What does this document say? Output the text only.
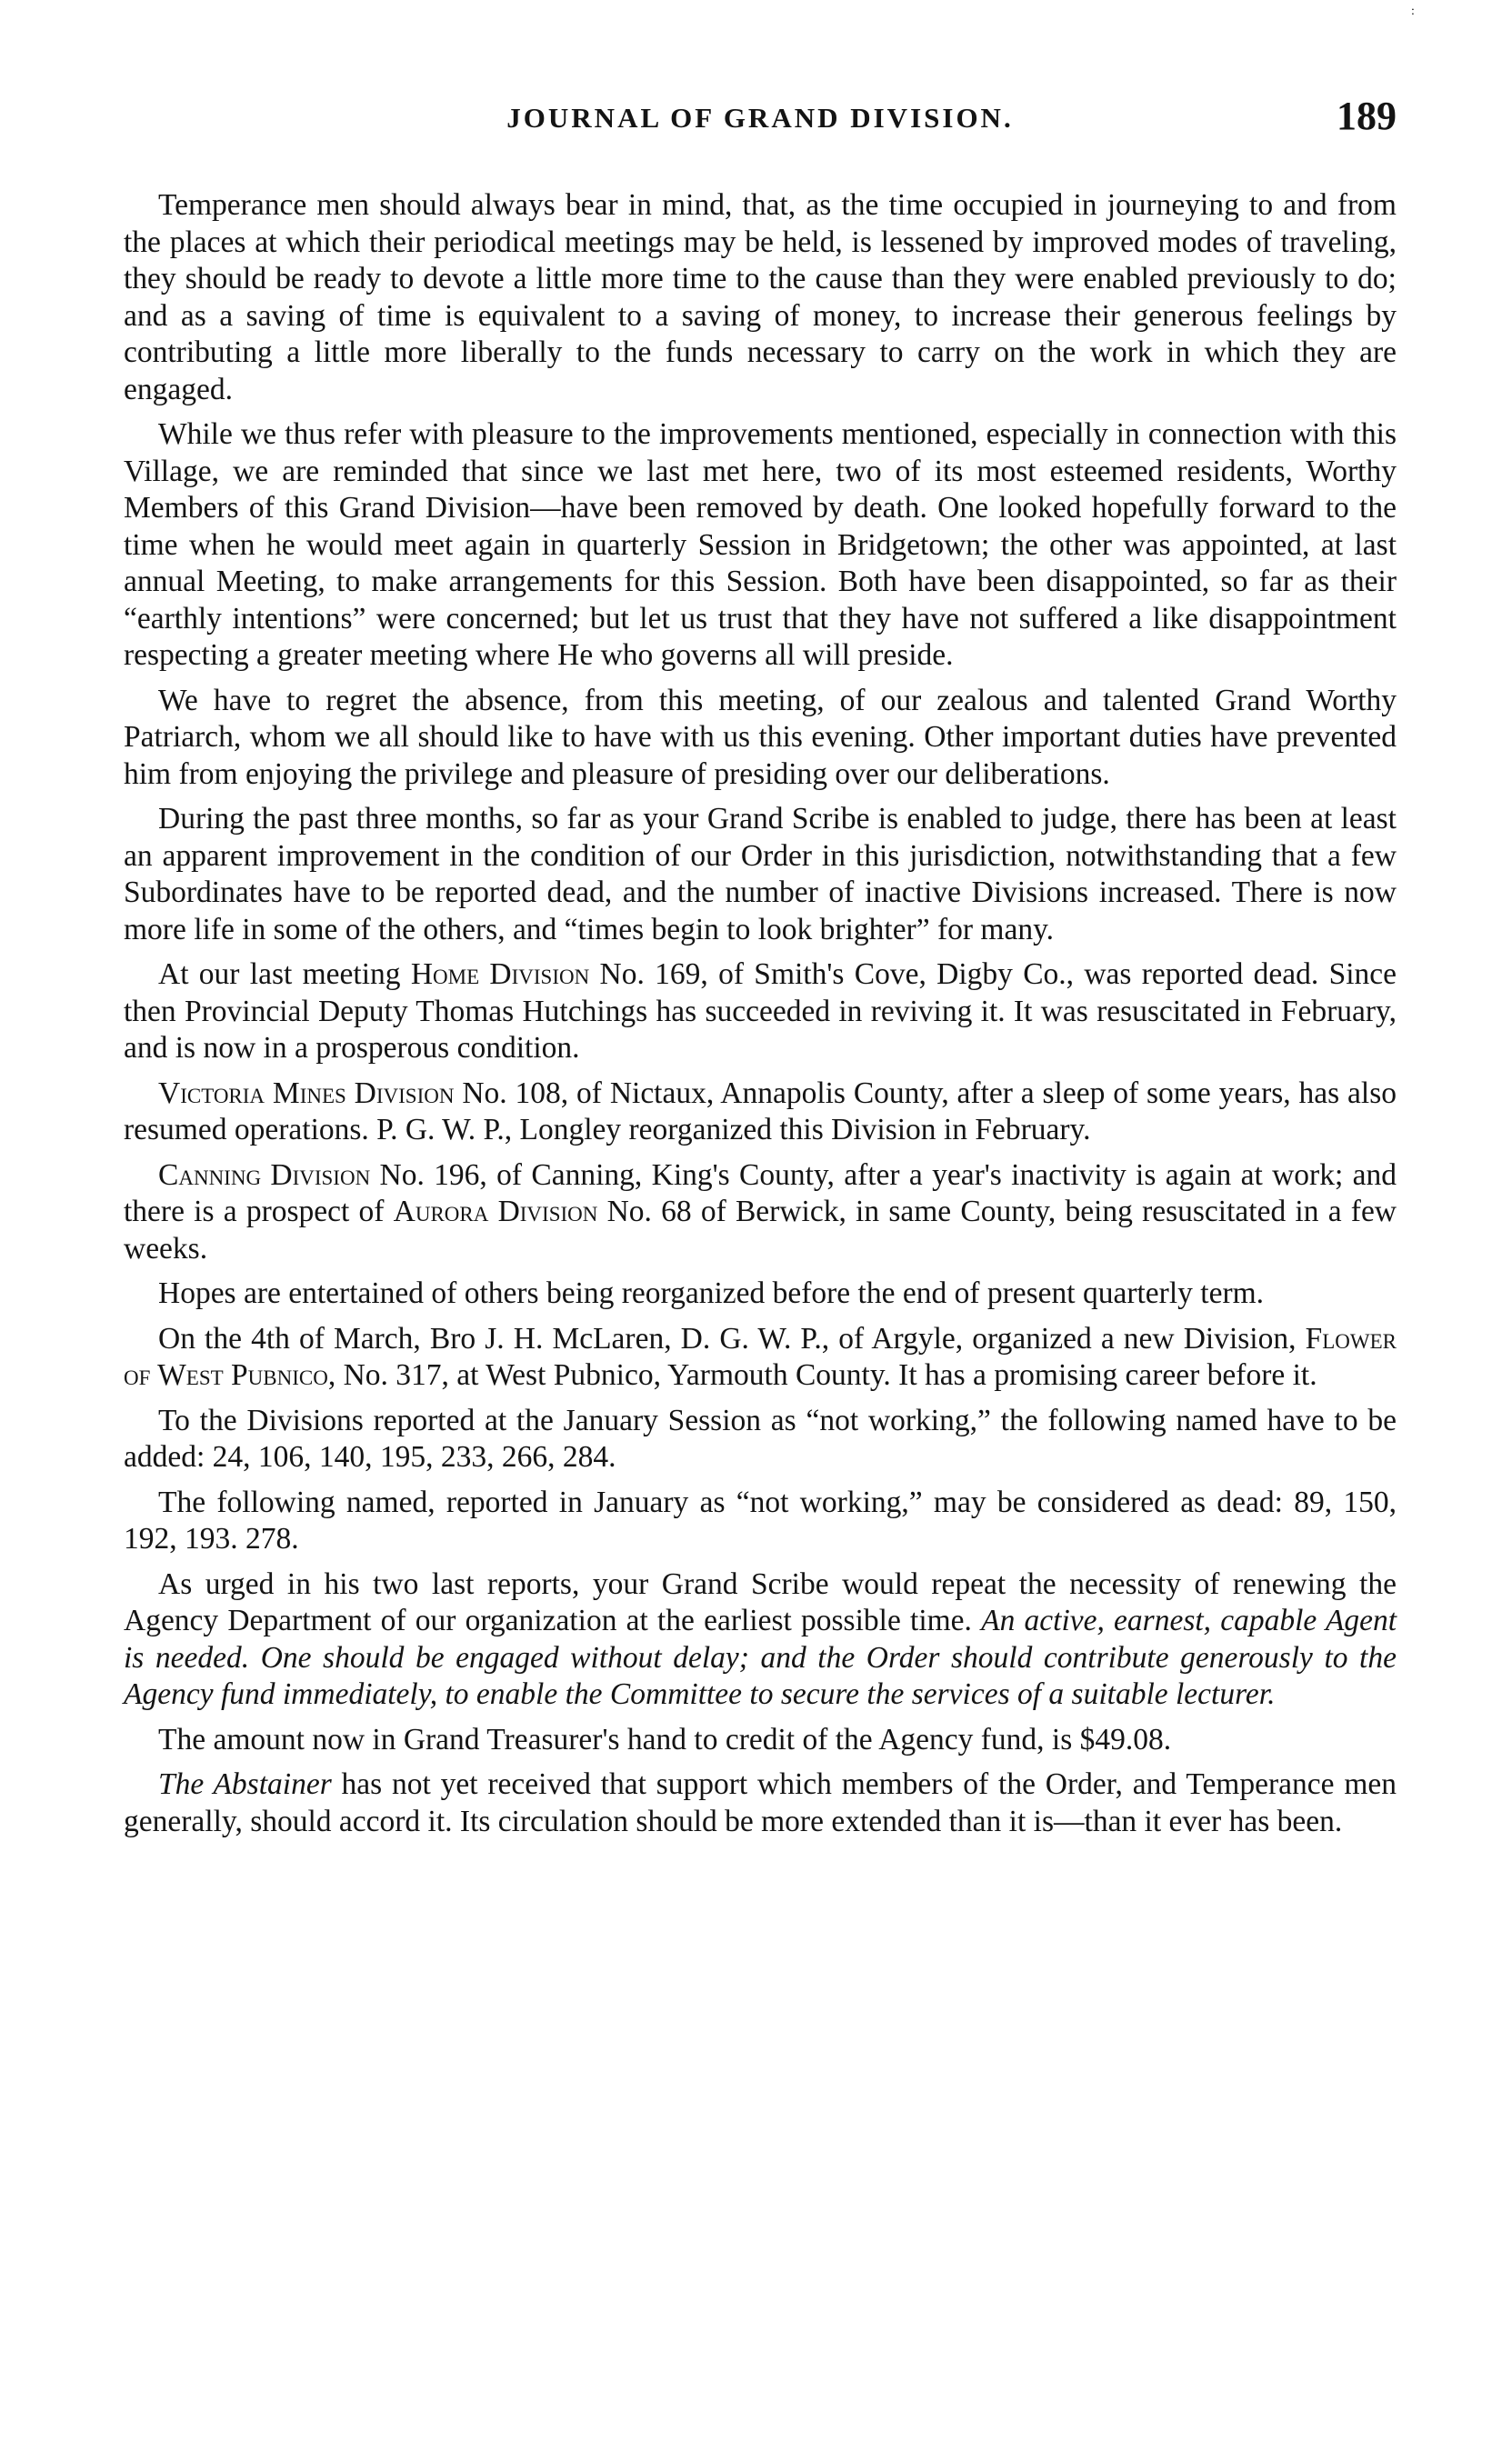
:
JOURNAL OF GRAND DIVISION.	189

Temperance men should always bear in mind, that, as the time occupied in journeying to and from the places at which their periodical meetings may be held, is lessened by improved modes of traveling, they should be ready to devote a little more time to the cause than they were enabled previously to do; and as a saving of time is equivalent to a saving of money, to increase their generous feelings by contributing a little more liberally to the funds necessary to carry on the work in which they are engaged.

While we thus refer with pleasure to the improvements mentioned, especially in connection with this Village, we are reminded that since we last met here, two of its most esteemed residents, Worthy Members of this Grand Division—have been removed by death. One looked hopefully forward to the time when he would meet again in quarterly Session in Bridgetown; the other was appointed, at last annual Meeting, to make arrangements for this Session. Both have been disappointed, so far as their “earthly intentions” were concerned; but let us trust that they have not suffered a like disappointment respecting a greater meeting where He who governs all will preside.

We have to regret the absence, from this meeting, of our zealous and talented Grand Worthy Patriarch, whom we all should like to have with us this evening. Other important duties have prevented him from enjoying the privilege and pleasure of presiding over our deliberations.

During the past three months, so far as your Grand Scribe is enabled to judge, there has been at least an apparent improvement in the condition of our Order in this jurisdiction, notwithstanding that a few Subordinates have to be reported dead, and the number of inactive Divisions increased. There is now more life in some of the others, and “times begin to look brighter” for many.

At our last meeting Home Division No. 169, of Smith's Cove, Digby Co., was reported dead. Since then Provincial Deputy Thomas Hutchings has succeeded in reviving it. It was resuscitated in February, and is now in a prosperous condition.

Victoria Mines Division No. 108, of Nictaux, Annapolis County, after a sleep of some years, has also resumed operations. P. G. W. P., Longley reorganized this Division in February.

Canning Division No. 196, of Canning, King's County, after a year's inactivity is again at work; and there is a prospect of Aurora Division No. 68 of Berwick, in same County, being resuscitated in a few weeks.

Hopes are entertained of others being reorganized before the end of present quarterly term.

On the 4th of March, Bro J. H. McLaren, D. G. W. P., of Argyle, organized a new Division, Flower of West Pubnico, No. 317, at West Pubnico, Yarmouth County. It has a promising career before it.

To the Divisions reported at the January Session as “not working,” the following named have to be added: 24, 106, 140, 195, 233, 266, 284.

The following named, reported in January as “not working,” may be considered as dead: 89, 150, 192, 193. 278.

As urged in his two last reports, your Grand Scribe would repeat the necessity of renewing the Agency Department of our organization at the earliest possible time. An active, earnest, capable Agent is needed. One should be engaged without delay; and the Order should contribute generously to the Agency fund immediately, to enable the Committee to secure the services of a suitable lecturer.

The amount now in Grand Treasurer's hand to credit of the Agency fund, is $49.08.

The Abstainer has not yet received that support which members of the Order, and Temperance men generally, should accord it. Its circulation should be more extended than it is—than it ever has been.
